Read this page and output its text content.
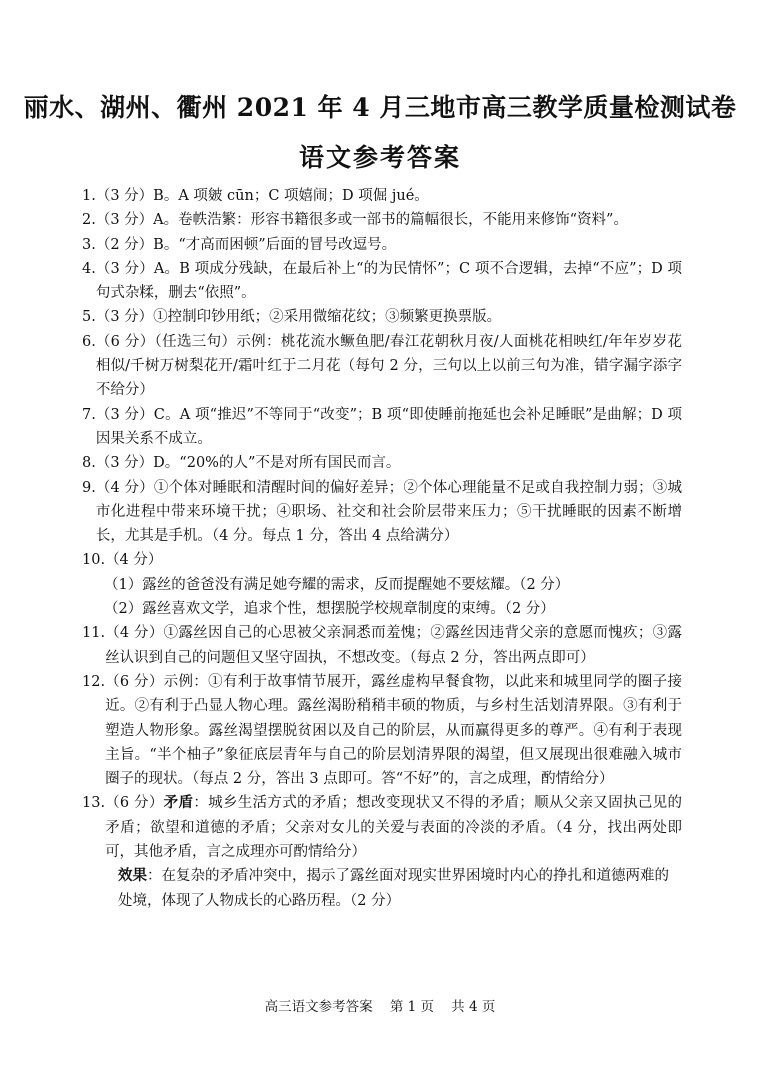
丽水、湖州、衢州 2021 年 4 月三地市高三教学质量检测试卷
语文参考答案
1. （3 分）B。A 项皴 cūn；C 项嬉闹；D 项倔 jué。
2. （3 分）A。卷帙浩繁：形容书籍很多或一部书的篇幅很长，不能用来修饰“资料”。
3. （2 分）B。“才高而困顿”后面的冒号改逗号。
4. （3 分）A。B 项成分残缺，在最后补上“的为民情怀”；C 项不合逻辑，去掉“不应”；D 项句式杂糅，删去“依照”。
5. （3 分）①控制印钞用纸；②采用微缩花纹；③频繁更换票版。
6. （6 分）（任选三句）示例：桃花流水鳜鱼肥/春江花朝秋月夜/人面桃花相映红/年年岁岁花相似/千树万树梨花开/霜叶红于二月花（每句 2 分，三句以上以前三句为准，错字漏字添字不给分）
7. （3 分）C。A 项“推迟”不等同于“改变”；B 项“即使睡前拖延也会补足睡眠”是曲解；D 项因果关系不成立。
8. （3 分）D。“20%的人”不是对所有国民而言。
9. （4 分）①个体对睡眠和清醒时间的偏好差异；②个体心理能量不足或自我控制力弱；③城市化进程中带来环境干扰；④职场、社交和社会阶层带来压力；⑤干扰睡眠的因素不断增长，尤其是手机。（4 分。每点 1 分，答出 4 点给满分）
10. （4 分）
（1）露丝的爸爸没有满足她夸耀的需求，反而提醒她不要炫耀。（2 分）
（2）露丝喜欢文学，追求个性，想摆脱学校规章制度的束缚。（2 分）
11. （4 分）①露丝因自己的心思被父亲洞悉而羞愧；②露丝因违背父亲的意愿而愧疚；③露丝认识到自己的问题但又坚守固执，不想改变。（每点 2 分，答出两点即可）
12. （6 分）示例：①有利于故事情节展开，露丝虚构早餐食物，以此来和城里同学的圈子接近。②有利于凸显人物心理。露丝渴盼稍稍丰硕的物质，与乡村生活划清界限。③有利于塑造人物形象。露丝渴望摆脱贫困以及自己的阶层，从而赢得更多的尊严。④有利于表现主旨。“半个柚子”象征底层青年与自己的阶层划清界限的渴望，但又展现出很难融入城市圈子的现状。（每点 2 分，答出 3 点即可。答“不好”的，言之成理，酌情给分）
13. （6 分）矛盾：城乡生活方式的矛盾；想改变现状又不得的矛盾；顺从父亲又固执己见的矛盾；欲望和道德的矛盾；父亲对女儿的关爱与表面的冷淡的矛盾。（4 分，找出两处即可，其他矛盾，言之成理亦可酌情给分）
效果：在复杂的矛盾冲突中，揭示了露丝面对现实世界困境时内心的挣扎和道德两难的处境，体现了人物成长的心路历程。（2 分）
高三语文参考答案    第 1 页    共 4 页
